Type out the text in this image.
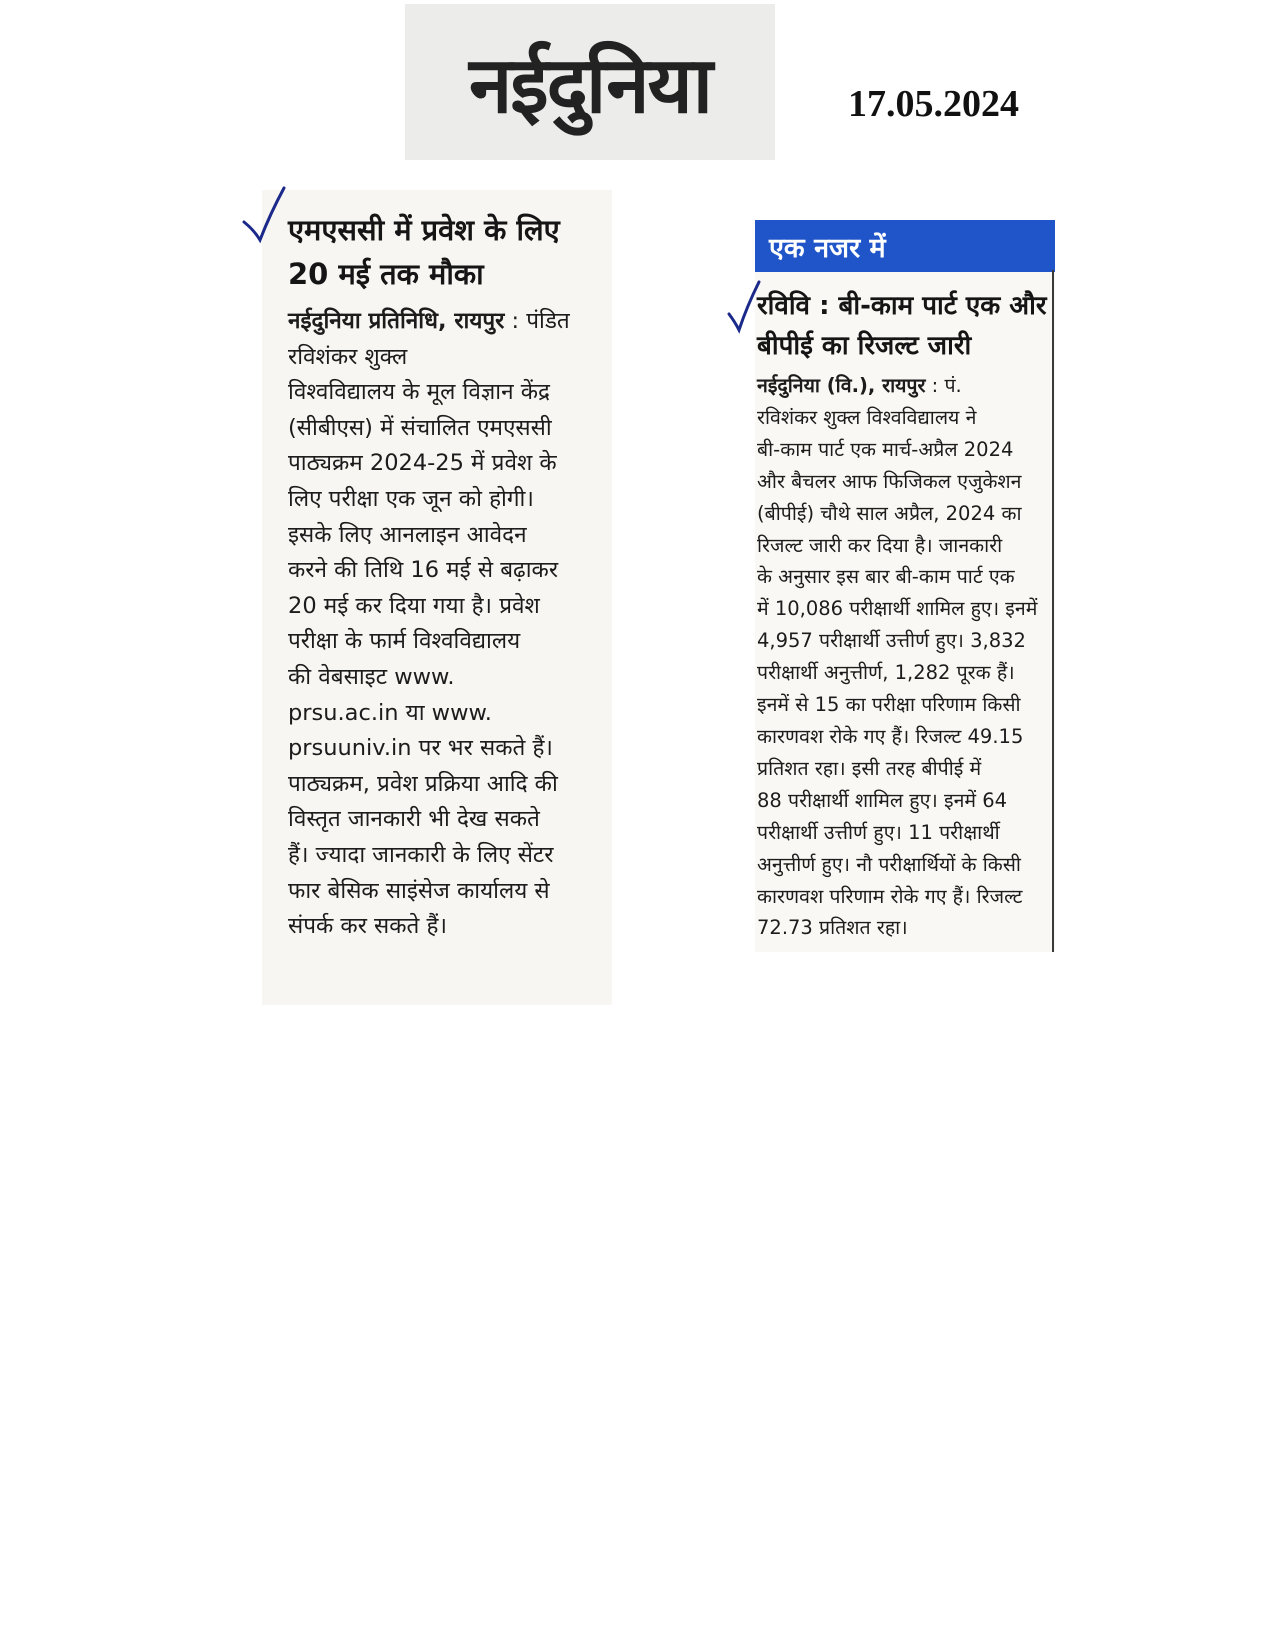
नईदुनिया	17.05.2024
एमएससी में प्रवेश के लिए 20 मई तक मौका
नईदुनिया प्रतिनिधि, रायपुर : पंडित रविशंकर शुक्ल
विश्वविद्यालय के मूल विज्ञान केंद्र
(सीबीएस) में संचालित एमएससी
पाठ्यक्रम 2024-25 में प्रवेश के
लिए परीक्षा एक जून को होगी।
इसके लिए आनलाइन आवेदन
करने की तिथि 16 मई से बढ़ाकर
20 मई कर दिया गया है। प्रवेश
परीक्षा के फार्म विश्वविद्यालय
की वेबसाइट www.
prsu.ac.in या www.
prsuuniv.in पर भर सकते हैं।
पाठ्यक्रम, प्रवेश प्रक्रिया आदि की
विस्तृत जानकारी भी देख सकते
हैं। ज्यादा जानकारी के लिए सेंटर
फार बेसिक साइंसेज कार्यालय से
संपर्क कर सकते हैं।
एक नजर में
रविवि : बी-काम पार्ट एक और बीपीई का रिजल्ट जारी
नईदुनिया (वि.), रायपुर : पं.
रविशंकर शुक्ल विश्वविद्यालय ने
बी-काम पार्ट एक मार्च-अप्रैल 2024
और बैचलर आफ फिजिकल एजुकेशन
(बीपीई) चौथे साल अप्रैल, 2024 का
रिजल्ट जारी कर दिया है। जानकारी
के अनुसार इस बार बी-काम पार्ट एक
में 10,086 परीक्षार्थी शामिल हुए। इनमें
4,957 परीक्षार्थी उत्तीर्ण हुए। 3,832
परीक्षार्थी अनुत्तीर्ण, 1,282 पूरक हैं।
इनमें से 15 का परीक्षा परिणाम किसी
कारणवश रोके गए हैं। रिजल्ट 49.15
प्रतिशत रहा। इसी तरह बीपीई में
88 परीक्षार्थी शामिल हुए। इनमें 64
परीक्षार्थी उत्तीर्ण हुए। 11 परीक्षार्थी
अनुत्तीर्ण हुए। नौ परीक्षार्थियों के किसी
कारणवश परिणाम रोके गए हैं। रिजल्ट
72.73 प्रतिशत रहा।
